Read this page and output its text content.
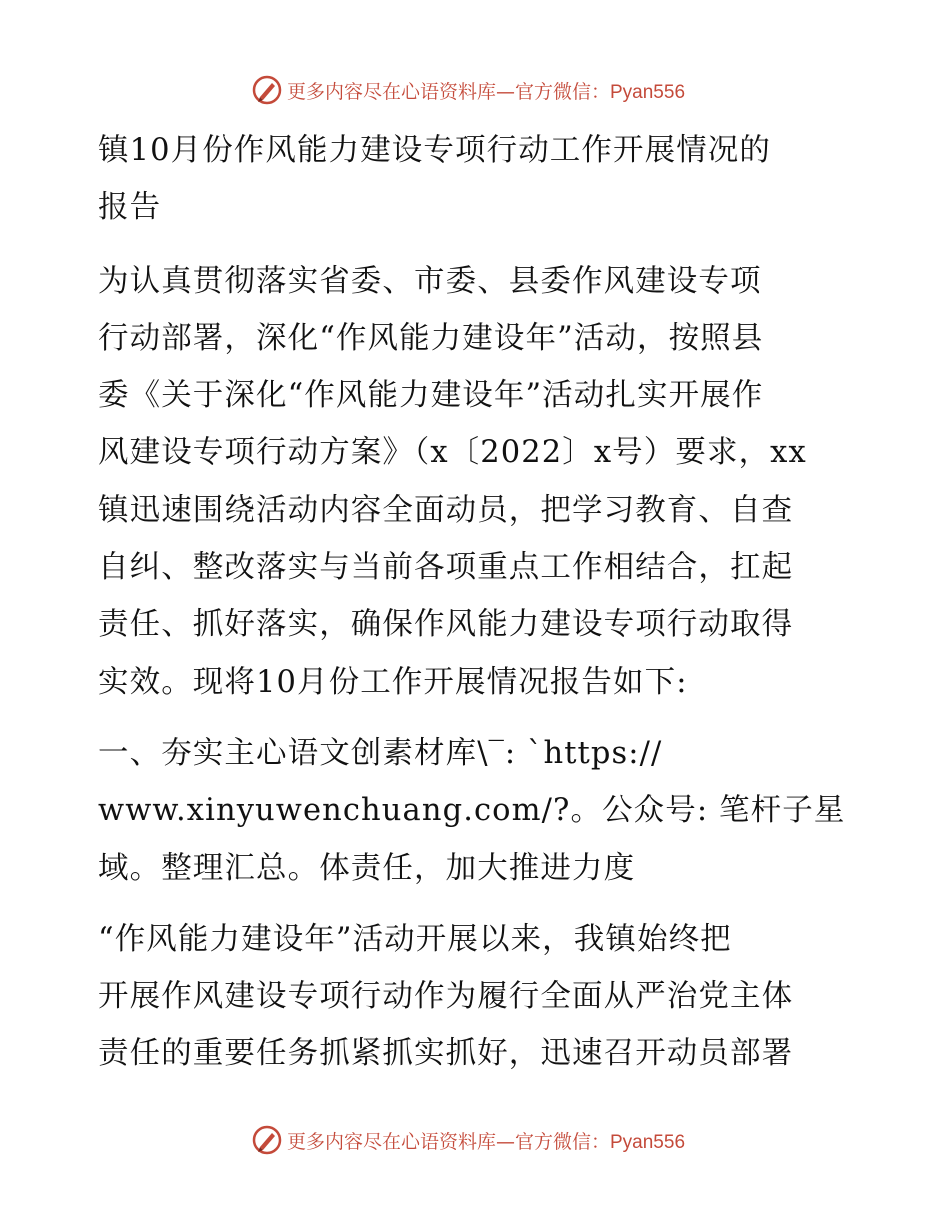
更多内容尽在心语资料库—官方微信：Pyan556
镇10月份作风能力建设专项行动工作开展情况的
报告
为认真贯彻落实省委、市委、县委作风建设专项
行动部署，深化“作风能力建设年”活动，按照县
委《关于深化“作风能力建设年”活动扎实开展作
风建设专项行动方案》（x〔2022〕x号）要求，xx
镇迅速围绕活动内容全面动员，把学习教育、自查
自纠、整改落实与当前各项重点工作相结合，扛起
责任、抓好落实，确保作风能力建设专项行动取得
实效。现将10月份工作开展情况报告如下:
一、夯实主心语文创素材库\‾: `https://
www.xinyuwenchuang.com/?。公众号: 笔杆子星
域。整理汇总。体责任，加大推进力度
“作风能力建设年”活动开展以来，我镇始终把
开展作风建设专项行动作为履行全面从严治党主体
责任的重要任务抓紧抓实抓好，迅速召开动员部署
更多内容尽在心语资料库—官方微信：Pyan556
